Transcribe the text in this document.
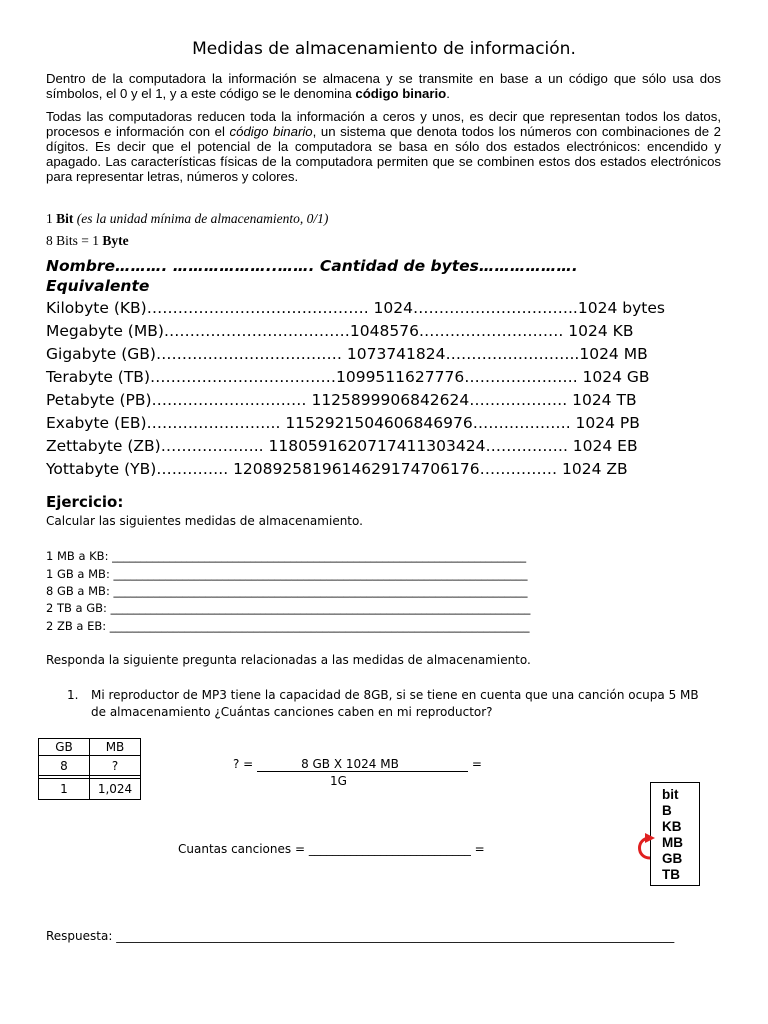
Medidas de almacenamiento de información.
Dentro de la computadora la información se almacena y se transmite en base a un código que sólo usa dos símbolos, el 0 y el 1, y a este código se le denomina código binario.
Todas las computadoras reducen toda la información a ceros y unos, es decir que representan todos los datos, procesos e información con el código binario, un sistema que denota todos los números con combinaciones de 2 dígitos. Es decir que el potencial de la computadora se basa en sólo dos estados electrónicos: encendido y apagado. Las características físicas de la computadora permiten que se combinen estos dos estados electrónicos para representar letras, números y colores.
1 Bit (es la unidad mínima de almacenamiento, 0/1)
8 Bits = 1 Byte
Nombre………. ………………..……. Cantidad de bytes……………….
Equivalente
Kilobyte (KB)……………………………………. 1024…………………………..1024 bytes
Megabyte (MB)………………………………1048576………………………. 1024 KB
Gigabyte (GB)……………………………… 1073741824……………………..1024 MB
Terabyte (TB)………………………………1099511627776…………………. 1024 GB
Petabyte (PB)………………………… 1125899906842624………………. 1024 TB
Exabyte (EB)…………………….. 1152921504606846976………………. 1024 PB
Zettabyte (ZB)……………….. 1180591620717411303424……………. 1024 EB
Yottabyte (YB)………….. 1208925819614629174706176…………… 1024 ZB
Ejercicio:
Calcular las siguientes medidas de almacenamiento.
1 MB a KB: ________________________________________________________________________
1 GB a MB: ________________________________________________________________________
8 GB a MB: ________________________________________________________________________
2 TB a GB: _________________________________________________________________________
2 ZB a EB: _________________________________________________________________________
Responda la siguiente pregunta relacionadas a las medidas de almacenamiento.
1. Mi reproductor de MP3 tiene la capacidad de 8GB, si se tiene en cuenta que una canción ocupa 5 MB
de almacenamiento ¿Cuántas canciones caben en mi reproductor?
GB	MB
8	?

1	1,024
? =	8 GB X 1024 MB	=
1G
Cuantas canciones = ___________________________ =
bit
B
KB
MB
GB
TB
Respuesta: _____________________________________________________________________________________________
